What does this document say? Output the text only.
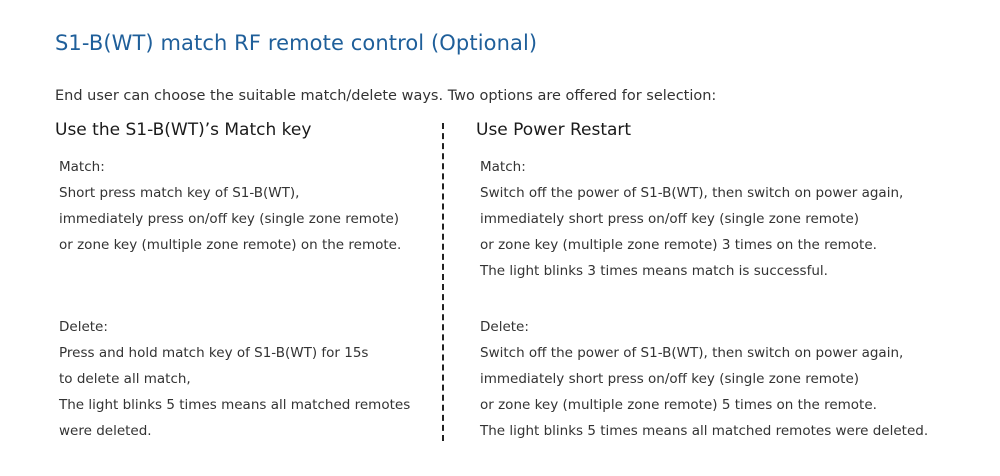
S1-B(WT) match RF remote control (Optional)
End user can choose the suitable match/delete ways. Two options are offered for selection:
Use the S1-B(WT)’s Match key
Match:
Short press match key of S1-B(WT),
immediately press on/off key (single zone remote)
or zone key (multiple zone remote) on the remote.
Delete:
Press and hold match key of S1-B(WT) for 15s
to delete all match,
The light blinks 5 times means all matched remotes
were deleted.
Use Power Restart
Match:
Switch off the power of S1-B(WT), then switch on power again,
immediately short press on/off key (single zone remote)
or zone key (multiple zone remote) 3 times on the remote.
The light blinks 3 times means match is successful.
Delete:
Switch off the power of S1-B(WT), then switch on power again,
immediately short press on/off key (single zone remote)
or zone key (multiple zone remote) 5 times on the remote.
The light blinks 5 times means all matched remotes were deleted.
